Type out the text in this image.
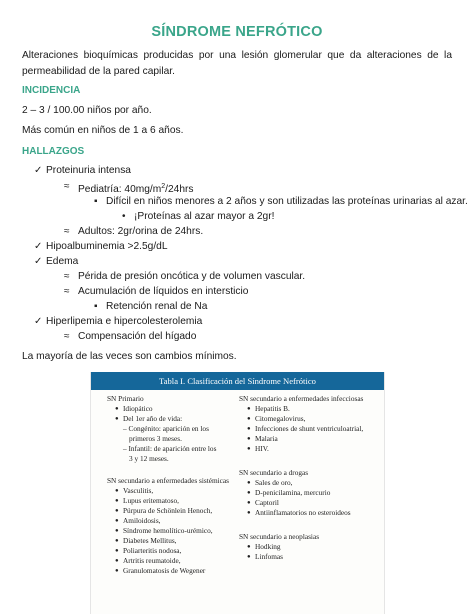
SÍNDROME NEFRÓTICO
Alteraciones bioquímicas producidas por una lesión glomerular que da alteraciones de la permeabilidad de la pared capilar.
INCIDENCIA
2 – 3 / 100.00 niños por año.
Más común en niños de 1 a 6 años.
HALLAZGOS
✓ Proteinuria intensa
≈ Pediatría: $40mg/m^2/24hrs$
▪ Difícil en niños menores a 2 años y son utilizadas las proteínas urinarias al azar.
• ¡Proteínas al azar mayor a 2gr!
≈ Adultos: 2gr/orina de 24hrs.
✓ Hipoalbuminemia >2.5g/dL
✓ Edema
≈ Périda de presión oncótica y de volumen vascular.
≈ Acumulación de líquidos en intersticio
▪ Retención renal de Na
✓ Hiperlipemia e hipercolesterolemia
≈ Compensación del hígado
La mayoría de las veces son cambios mínimos.
Tabla I. Clasificación del Síndrome Nefrótico
SN Primario
● Idiopático
● Del 1er año de vida:
– Congénito: aparición en los
primeros 3 meses.
– Infantil: de aparición entre los
3 y 12 meses.
SN secundario a enfermedades sistémicas
● Vasculitis,
● Lupus eritematoso,
● Púrpura de Schönlein Henoch,
● Amiloidosis,
● Síndrome hemolítico-urémico,
● Diabetes Mellitus,
● Poliarteritis nodosa,
● Artritis reumatoide,
● Granulomatosis de Wegener
SN secundario a enfermedades infecciosas
● Hepatitis B.
● Citomegalovirus,
● Infecciones de shunt ventriculoatrial,
● Malaria
● HIV.
SN secundario a drogas
● Sales de oro,
● D-penicilamina, mercurio
● Captoril
● Antiinflamatorios no esteroideos
SN secundario a neoplasias
● Hodking
● Linfomas
